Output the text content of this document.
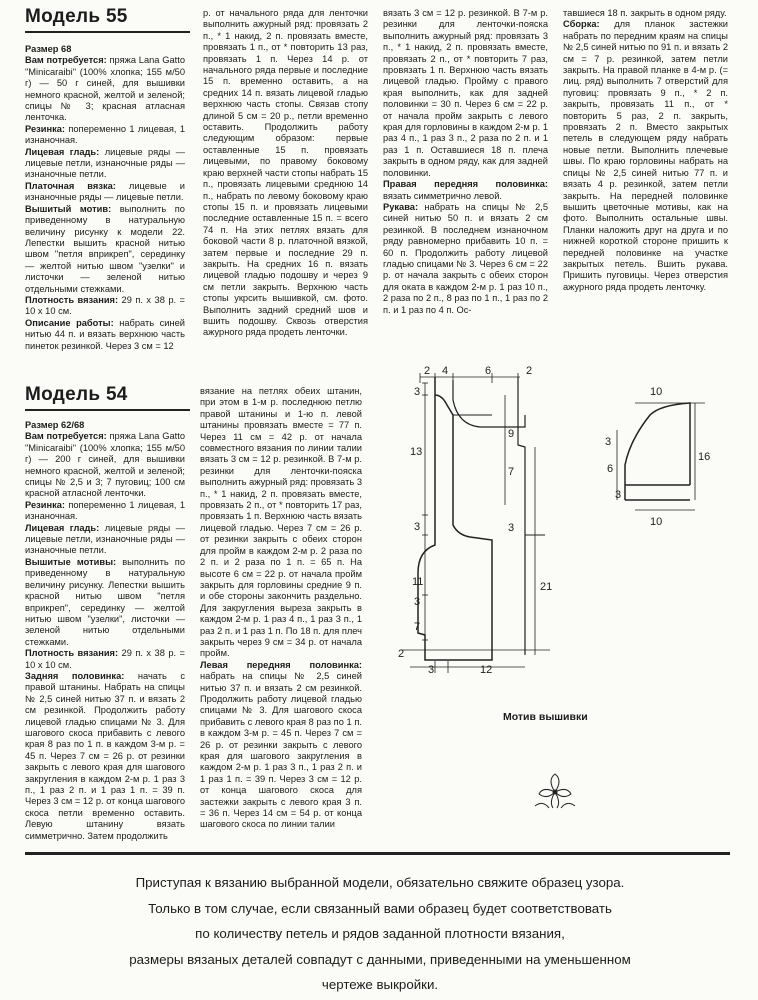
Модель 55

Размер 68

Вам потребуется: пряжа Lana Gatto "Minicaraibi" (100% хлопка; 155 м/50 г) — 50 г синей, для вышивки немного красной, желтой и зеленой; спицы № 3; красная атласная ленточка.

Резинка: попеременно 1 лицевая, 1 изнаночная.

Лицевая гладь: лицевые ряды — лицевые петли, изнаночные ряды — изнаночные петли.

Платочная вязка: лицевые и изнаночные ряды — лицевые петли.

Вышитый мотив: выполнить по приведенному в натуральную величину рисунку к модели 22. Лепестки вышить красной нитью швом "петля вприкреп", серединку — желтой нитью швом "узелки" и листочки — зеленой нитью отдельными стежками.

Плотность вязания: 29 п. х 38 р. = 10 х 10 см.

Описание работы: набрать синей нитью 44 п. и вязать верхнюю часть пинеток резинкой. Через 3 см = 12

р. от начального ряда для ленточки выполнить ажурный ряд: провязать 2 п., * 1 накид, 2 п. провязать вместе, провязать 1 п., от * повторить 13 раз, провязать 1 п. Через 14 р. от начального ряда первые и последние 15 п. временно оставить, а на средних 14 п. вязать лицевой гладью верхнюю часть стопы. Связав стопу длиной 5 см = 20 р., петли временно оставить. Продолжить работу следующим образом: первые оставленные 15 п. провязать лицевыми, по правому боковому краю верхней части стопы набрать 15 п., провязать лицевыми среднюю 14 п., набрать по левому боковому краю стопы 15 п. и провязать лицевыми последние оставленные 15 п. = всего 74 п. На этих петлях вязать для боковой части 8 р. платочной вязкой, затем первые и последние 29 п. закрыть. На средних 16 п. вязать лицевой гладью подошву и через 9 см петли закрыть. Верхнюю часть стопы укрсить вышивкой, см. фото. Выполнить задний средний шов и вшить подошву. Сквозь отверстия ажурного ряда продеть ленточки.

вязать 3 см = 12 р. резинкой. В 7-м р. резинки для ленточки-пояска выполнить ажурный ряд: провязать 3 п., * 1 накид, 2 п. провязать вместе, провязать 2 п., от * повторить 7 раз, провязать 1 п. Верхнюю часть вязать лицевой гладью. Пройму с правого края выполнить, как для задней половинки = 30 п. Через 6 см = 22 р. от начала пройм закрыть с левого края для горловины в каждом 2-м р. 1 раз 4 п., 1 раз 3 п., 2 раза по 2 п. и 1 раз 1 п. Оставшиеся 18 п. плеча закрыть в одном ряду, как для задней половинки.

Правая передняя половинка: вязать симметрично левой.

Рукава: набрать на спицы № 2,5 синей нитью 50 п. и вязать 2 см резинкой. В последнем изнаночном ряду равномерно прибавить 10 п. = 60 п. Продолжить работу лицевой гладью спицами № 3. Через 6 см = 22 р. от начала закрыть с обеих сторон для оката в каждом 2-м р. 1 раз 10 п., 2 раза по 2 п., 8 раз по 1 п., 1 раз по 2 п. и 1 раз по 4 п. Ос-

тавшиеся 18 п. закрыть в одном ряду.

Сборка: для планок застежки набрать по передним краям на спицы № 2,5 синей нитью по 91 п. и вязать 2 см = 7 р. резинкой, затем петли закрыть. На правой планке в 4-м р. (= лиц. ряд) выполнить 7 отверстий для пуговиц: провязать 9 п., * 2 п. закрыть, провязать 11 п., от * повторить 5 раз, 2 п. закрыть, провязать 2 п. Вместо закрытых петель в следующем ряду набрать новые петли. Выполнить плечевые швы. По краю горловины набрать на спицы № 2,5 синей нитью 77 п. и вязать 4 р. резинкой, затем петли закрыть. На передней половинке вышить цветочные мотивы, как на фото. Выполнить остальные швы. Планки наложить друг на друга и по нижней короткой стороне пришить к передней половинке на участке закрытых петель. Вшить рукава. Пришить пуговицы. Через отверстия ажурного ряда продеть ленточку.

Модель 54

Размер 62/68

Вам потребуется: пряжа Lana Gatto "Minicaraibi" (100% хлопка; 155 м/50 г) — 200 г синей, для вышивки немного красной, желтой и зеленой; спицы № 2,5 и 3; 7 пуговиц; 100 см красной атласной ленточки.

Резинка: попеременно 1 лицевая, 1 изнаночная.

Лицевая гладь: лицевые ряды — лицевые петли, изнаночные ряды — изнаночные петли.

Вышитые мотивы: выполнить по приведенному в натуральную величину рисунку. Лепестки вышить красной нитью швом "петля вприкреп", серединку — желтой нитью швом "узелки", листочки — зеленой нитью отдельными стежками.

Плотность вязания: 29 п. х 38 р. = 10 х 10 см.

Задняя половинка: начать с правой штанины. Набрать на спицы № 2,5 синей нитью 37 п. и вязать 2 см резинкой. Продолжить работу лицевой гладью спицами № 3. Для шагового скоса прибавить с левого края 8 раз по 1 п. в каждом 3-м р. = 45 п. Через 7 см = 26 р. от резинки закрыть с левого края для шагового закругления в каждом 2-м р. 1 раз 3 п., 1 раз 2 п. и 1 раз 1 п. = 39 п. Через 3 см = 12 р. от конца шагового скоса петли временно оставить. Левую штанину вязать симметрично. Затем продолжить

вязание на петлях обеих штанин, при этом в 1-м р. последнюю петлю правой штанины и 1-ю п. левой штанины провязать вместе = 77 п. Через 11 см = 42 р. от начала совместного вязания по линии талии вязать 3 см = 12 р. резинкой. В 7-м р. резинки для ленточки-пояска выполнить ажурный ряд: провязать 3 п., * 1 накид, 2 п. провязать вместе, провязать 2 п., от * повторить 17 раз, провязать 1 п. Верхнюю часть вязать лицевой гладью. Через 7 см = 26 р. от резинки закрыть с обеих сторон для пройм в каждом 2-м р. 2 раза по 2 п. и 2 раза по 1 п. = 65 п. На высоте 6 см = 22 р. от начала пройм закрыть для горловины средние 9 п. и обе стороны закончить раздельно. Для закругления выреза закрыть в каждом 2-м р. 1 раз 4 п., 1 раз 3 п., 1 раз 2 п. и 1 раз 1 п. По 18 п. для плеч закрыть через 9 см = 34 р. от начала пройм.

Левая передняя половинка: набрать на спицы № 2,5 синей нитью 37 п. и вязать 2 см резинкой. Продолжить работу лицевой гладью спицами № 3. Для шагового скоса прибавить с левого края 8 раз по 1 п. в каждом 3-м р. = 45 п. Через 7 см = 26 р. от резинки закрыть с левого края для шагового закругления в каждом 2-м р. 1 раз 3 п., 1 раз 2 п. и 1 раз 1 п. = 39 п. Через 3 см = 12 р. от конца шагового скоса для застежки закрыть с левого края 3 п. = 36 п. Через 14 см = 54 р. от конца шагового скоса по линии талии

2 4	6	2
3
9
13
7
3	3
11	21
3
7
2
3	12
10
3
6
16
3
10
Мотив вышивки
Приступая к вязанию выбранной модели, обязательно свяжите образец узора.
Только в том случае, если связанный вами образец будет соответствовать
по количеству петель и рядов заданной плотности вязания,
размеры вязаных деталей совпадут с данными, приведенными на уменьшенном
чертеже выкройки.
